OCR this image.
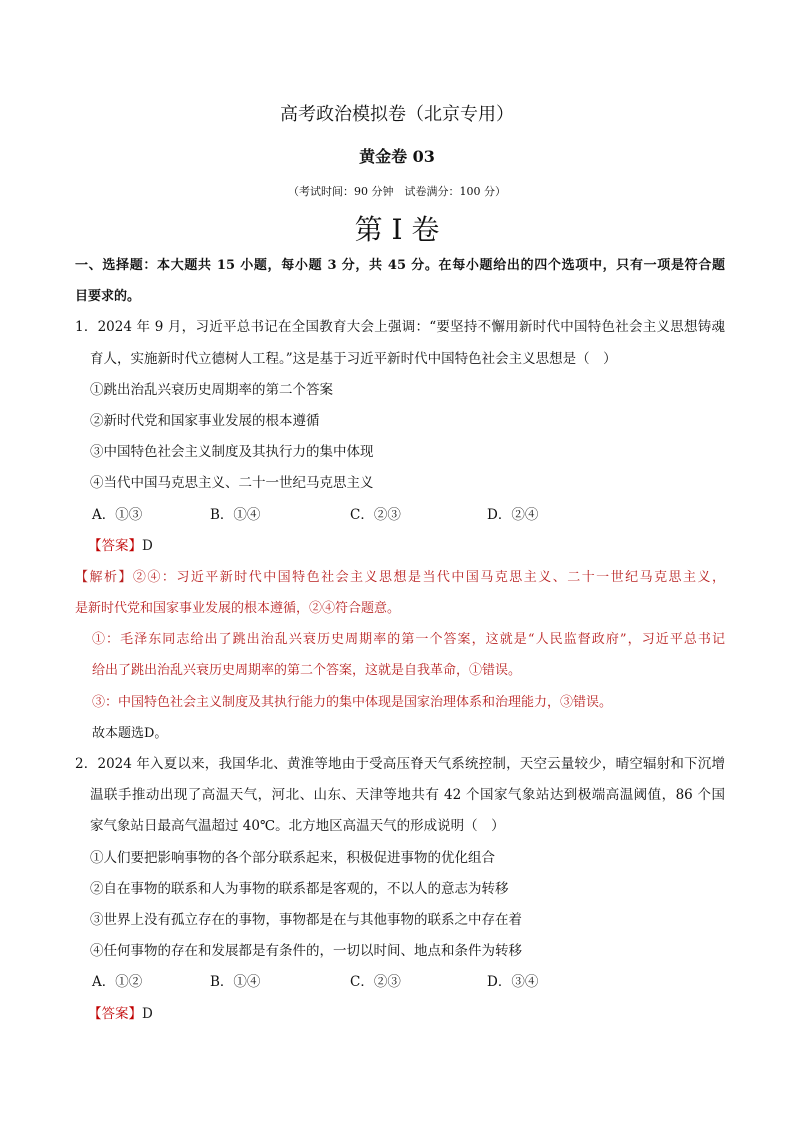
高考政治模拟卷（北京专用）
黄金卷 03
（考试时间：90 分钟　试卷满分：100 分）
第 I 卷
一、选择题：本大题共 15 小题，每小题 3 分，共 45 分。在每小题给出的四个选项中，只有一项是符合题
目要求的。
1．2024 年 9 月，习近平总书记在全国教育大会上强调：“要坚持不懈用新时代中国特色社会主义思想铸魂
育人，实施新时代立德树人工程。”这是基于习近平新时代中国特色社会主义思想是（　）
①跳出治乱兴衰历史周期率的第二个答案
②新时代党和国家事业发展的根本遵循
③中国特色社会主义制度及其执行力的集中体现
④当代中国马克思主义、二十一世纪马克思主义
A．①③	B．①④	C．②③	D．②④
【答案】D
【解析】②④：习近平新时代中国特色社会主义思想是当代中国马克思主义、二十一世纪马克思主义，
是新时代党和国家事业发展的根本遵循，②④符合题意。
①：毛泽东同志给出了跳出治乱兴衰历史周期率的第一个答案，这就是“人民监督政府”，习近平总书记
给出了跳出治乱兴衰历史周期率的第二个答案，这就是自我革命，①错误。
③：中国特色社会主义制度及其执行能力的集中体现是国家治理体系和治理能力，③错误。
故本题选D。
2．2024 年入夏以来，我国华北、黄淮等地由于受高压脊天气系统控制，天空云量较少，晴空辐射和下沉增
温联手推动出现了高温天气，河北、山东、天津等地共有 42 个国家气象站达到极端高温阈值，86 个国
家气象站日最高气温超过 40℃。北方地区高温天气的形成说明（　）
①人们要把影响事物的各个部分联系起来，积极促进事物的优化组合
②自在事物的联系和人为事物的联系都是客观的，不以人的意志为转移
③世界上没有孤立存在的事物，事物都是在与其他事物的联系之中存在着
④任何事物的存在和发展都是有条件的，一切以时间、地点和条件为转移
A．①②	B．①④	C．②③	D．③④
【答案】D
